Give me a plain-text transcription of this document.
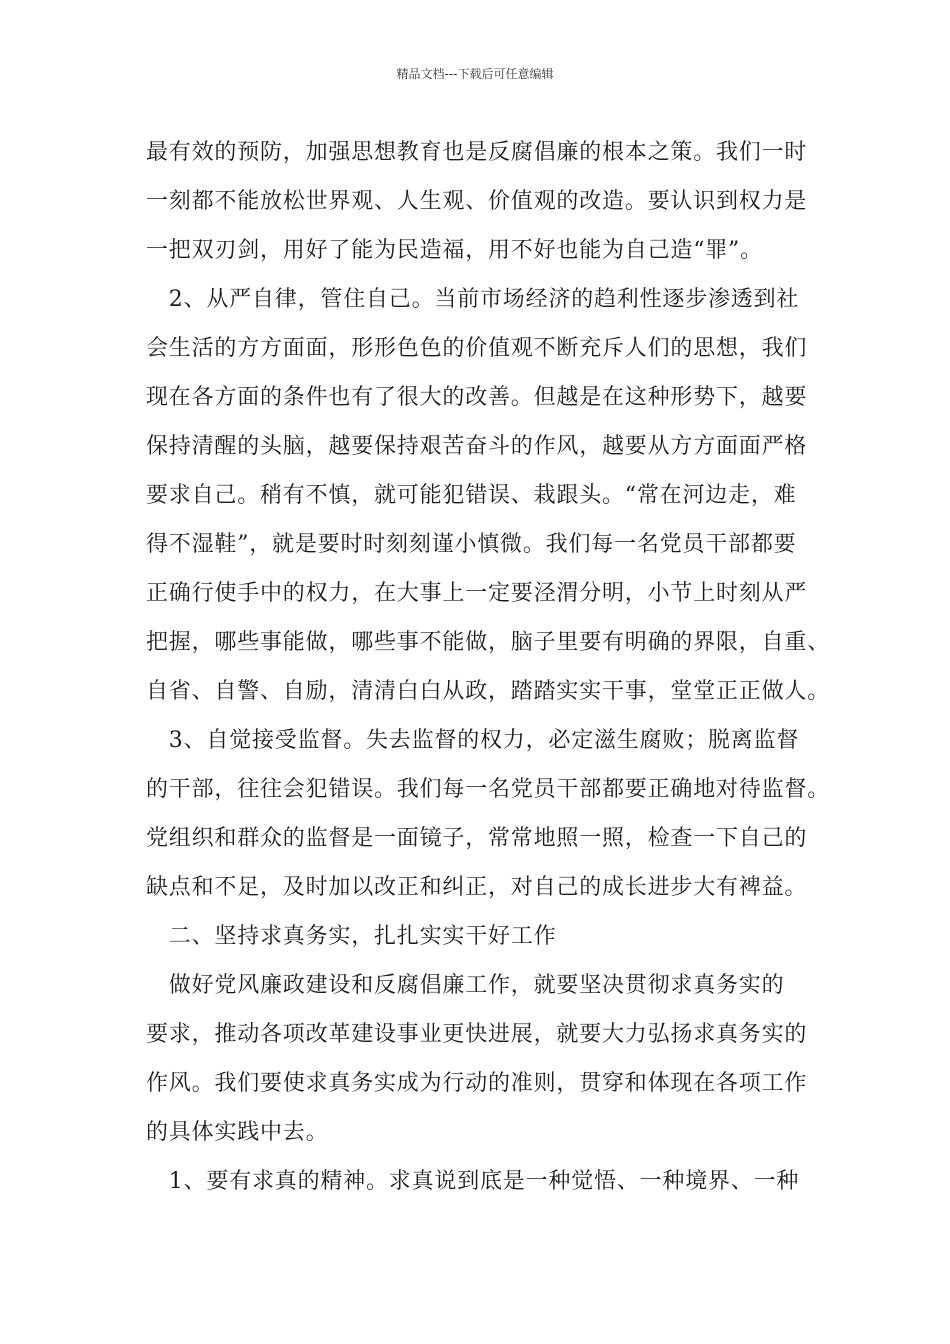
精品文档---下载后可任意编辑
最有效的预防，加强思想教育也是反腐倡廉的根本之策。我们一时
一刻都不能放松世界观、人生观、价值观的改造。要认识到权力是
一把双刃剑，用好了能为民造福，用不好也能为自己造“罪”。
　2、从严自律，管住自己。当前市场经济的趋利性逐步渗透到社
会生活的方方面面，形形色色的价值观不断充斥人们的思想，我们
现在各方面的条件也有了很大的改善。但越是在这种形势下，越要
保持清醒的头脑，越要保持艰苦奋斗的作风，越要从方方面面严格
要求自己。稍有不慎，就可能犯错误、栽跟头。“常在河边走，难
得不湿鞋”，就是要时时刻刻谨小慎微。我们每一名党员干部都要
正确行使手中的权力，在大事上一定要泾渭分明，小节上时刻从严
把握，哪些事能做，哪些事不能做，脑子里要有明确的界限，自重、
自省、自警、自励，清清白白从政，踏踏实实干事，堂堂正正做人。
　3、自觉接受监督。失去监督的权力，必定滋生腐败；脱离监督
的干部，往往会犯错误。我们每一名党员干部都要正确地对待监督。
党组织和群众的监督是一面镜子，常常地照一照，检查一下自己的
缺点和不足，及时加以改正和纠正，对自己的成长进步大有裨益。
　二、坚持求真务实，扎扎实实干好工作
　做好党风廉政建设和反腐倡廉工作，就要坚决贯彻求真务实的
要求，推动各项改革建设事业更快进展，就要大力弘扬求真务实的
作风。我们要使求真务实成为行动的准则，贯穿和体现在各项工作
的具体实践中去。
　1、要有求真的精神。求真说到底是一种觉悟、一种境界、一种
